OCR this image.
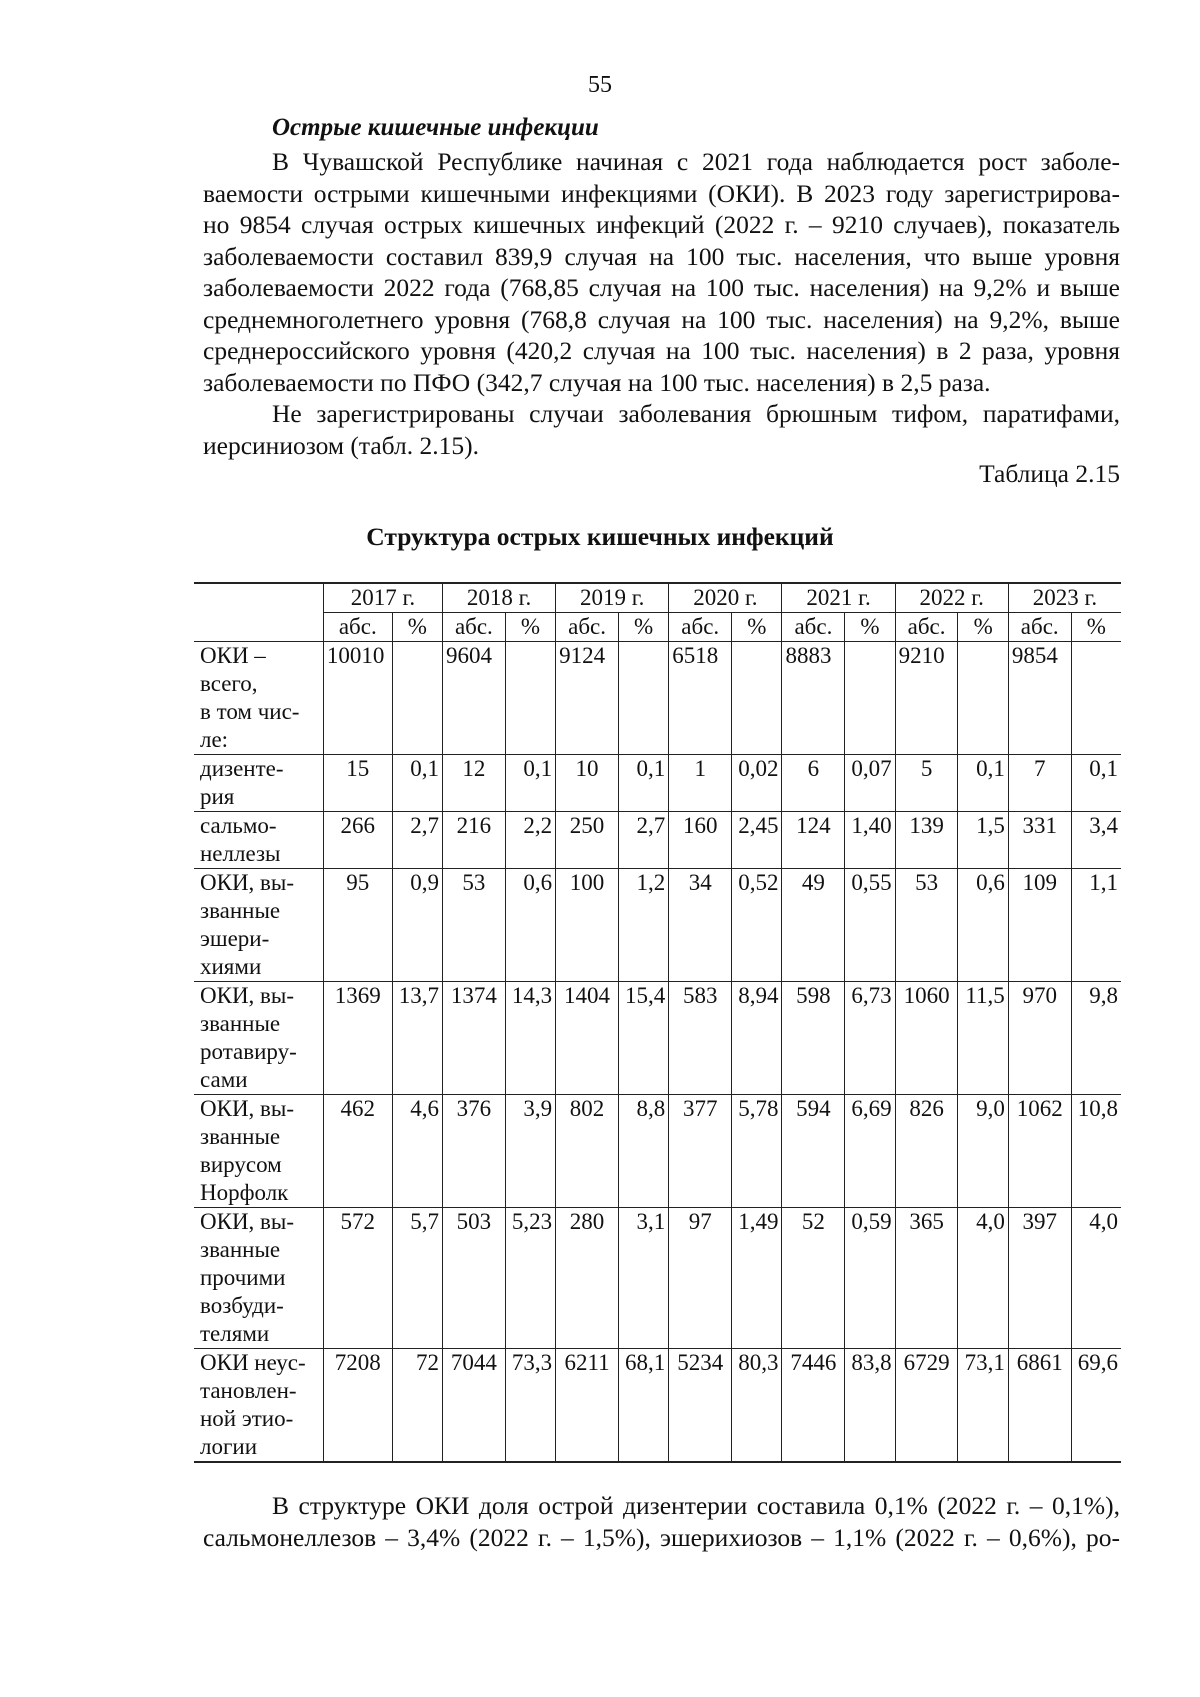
55
Острые кишечные инфекции
В Чувашской Республике начиная с 2021 года наблюдается рост заболе-
ваемости острыми кишечными инфекциями (ОКИ). В 2023 году зарегистрирова-
но 9854 случая острых кишечных инфекций (2022 г. – 9210 случаев), показатель
заболеваемости составил 839,9 случая на 100 тыс. населения, что выше уровня
заболеваемости 2022 года (768,85 случая на 100 тыс. населения) на 9,2% и выше
среднемноголетнего уровня (768,8 случая на 100 тыс. населения) на 9,2%, выше
среднероссийского уровня (420,2 случая на 100 тыс. населения) в 2 раза, уровня
заболеваемости по ПФО (342,7 случая на 100 тыс. населения) в 2,5 раза.
Не зарегистрированы случаи заболевания брюшным тифом, паратифами,
иерсиниозом (табл. 2.15).
Таблица 2.15
Структура острых кишечных инфекций
	2017 г.		2018 г.		2019 г.		2020 г.		2021 г.		2022 г.		2023 г.	
	абс.	%	абс.	%	абс.	%	абс.	%	абс.	%	абс.	%	абс.	%
ОКИ –
всего,
в том чис-
ле:	10010		9604		9124		6518		8883		9210		9854	
дизенте-
рия	15	0,1	12	0,1	10	0,1	1	0,02	6	0,07	5	0,1	7	0,1
сальмо-
неллезы	266	2,7	216	2,2	250	2,7	160	2,45	124	1,40	139	1,5	331	3,4
ОКИ, вы-
званные
эшери-
хиями	95	0,9	53	0,6	100	1,2	34	0,52	49	0,55	53	0,6	109	1,1
ОКИ, вы-
званные
ротавиру-
сами	1369	13,7	1374	14,3	1404	15,4	583	8,94	598	6,73	1060	11,5	970	9,8
ОКИ, вы-
званные
вирусом
Норфолк	462	4,6	376	3,9	802	8,8	377	5,78	594	6,69	826	9,0	1062	10,8
ОКИ, вы-
званные
прочими
возбуди-
телями	572	5,7	503	5,23	280	3,1	97	1,49	52	0,59	365	4,0	397	4,0
ОКИ неус-
тановлен-
ной этио-
логии	7208	72	7044	73,3	6211	68,1	5234	80,3	7446	83,8	6729	73,1	6861	69,6
В структуре ОКИ доля острой дизентерии составила 0,1% (2022 г. – 0,1%),
сальмонеллезов – 3,4% (2022 г. – 1,5%), эшерихиозов – 1,1% (2022 г. – 0,6%), ро-
